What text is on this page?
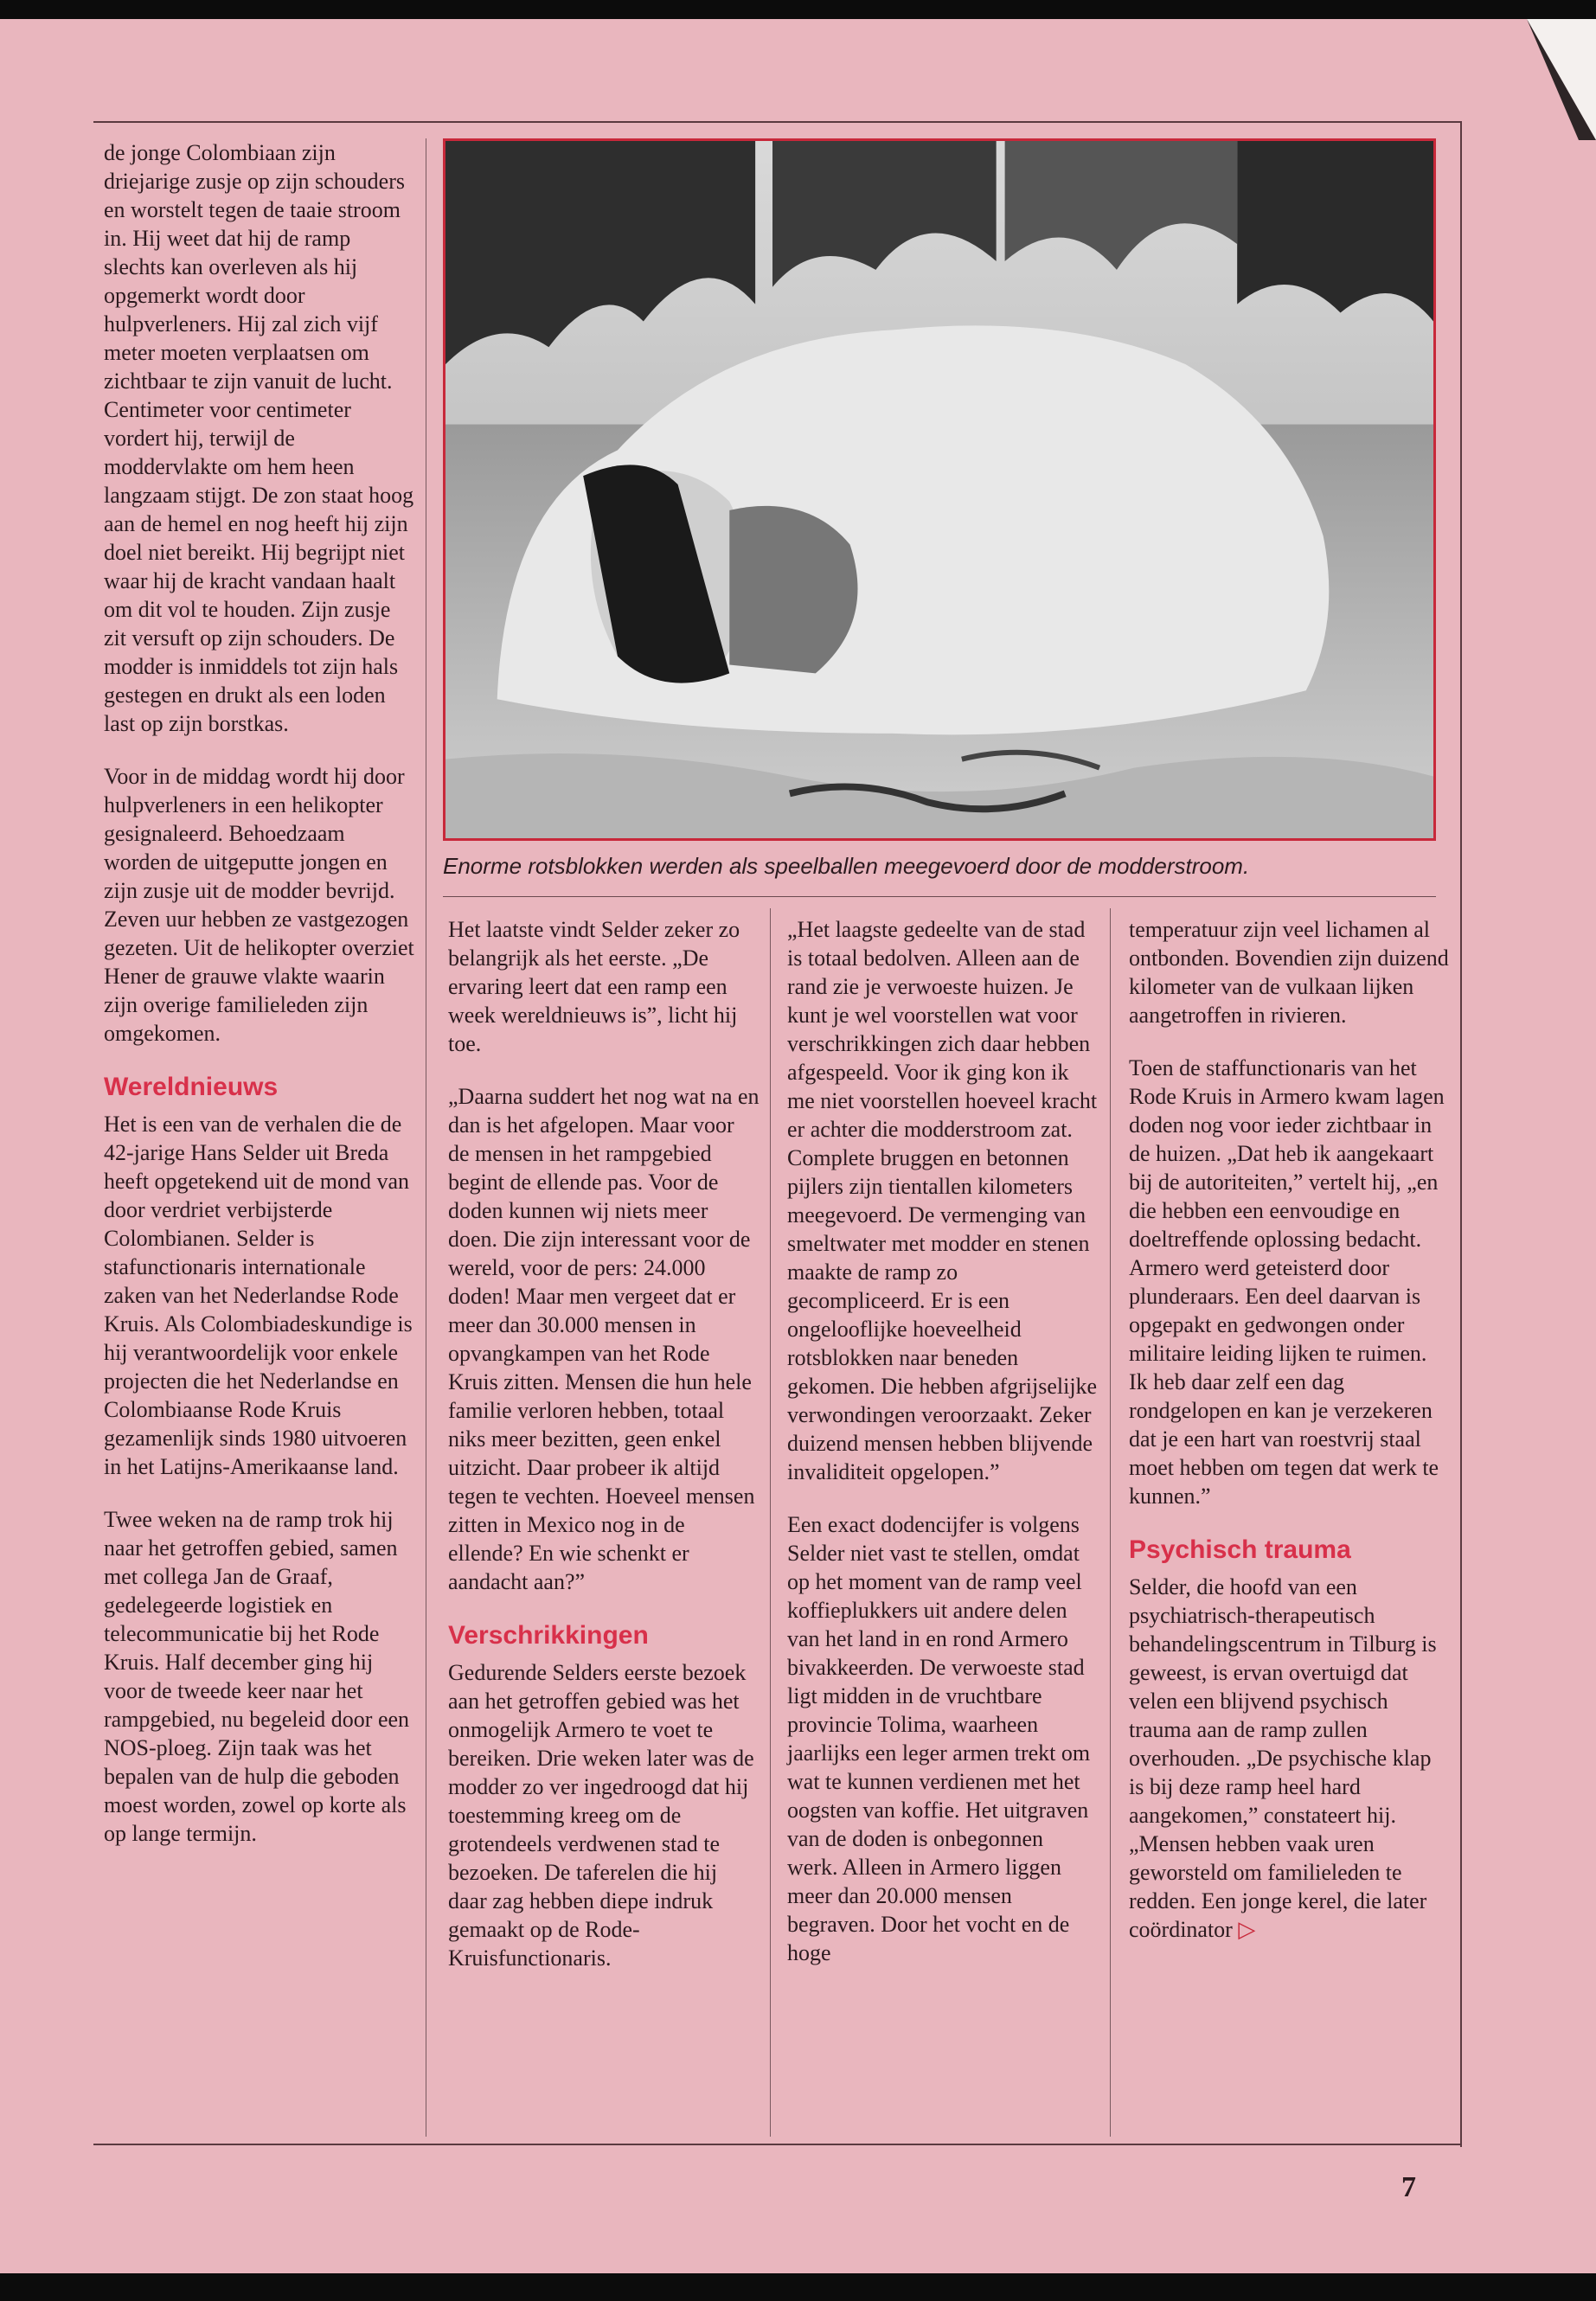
Enorme rotsblokken werden als speelballen meegevoerd door de modderstroom.

de jonge Colombiaan zijn driejarige zusje op zijn schouders en worstelt tegen de taaie stroom in. Hij weet dat hij de ramp slechts kan overleven als hij opgemerkt wordt door hulpverleners. Hij zal zich vijf meter moeten verplaatsen om zichtbaar te zijn vanuit de lucht. Centimeter voor centimeter vordert hij, terwijl de moddervlakte om hem heen langzaam stijgt. De zon staat hoog aan de hemel en nog heeft hij zijn doel niet bereikt. Hij begrijpt niet waar hij de kracht vandaan haalt om dit vol te houden. Zijn zusje zit versuft op zijn schouders. De modder is inmiddels tot zijn hals gestegen en drukt als een loden last op zijn borstkas.

Voor in de middag wordt hij door hulpverleners in een helikopter gesignaleerd. Behoedzaam worden de uitgeputte jongen en zijn zusje uit de modder bevrijd. Zeven uur hebben ze vastgezogen gezeten. Uit de helikopter overziet Hener de grauwe vlakte waarin zijn overige familieleden zijn omgekomen.

Wereldnieuws

Het is een van de verhalen die de 42-jarige Hans Selder uit Breda heeft opgetekend uit de mond van door verdriet verbijsterde Colombianen. Selder is stafunctionaris internationale zaken van het Nederlandse Rode Kruis. Als Colombiadeskundige is hij verantwoordelijk voor enkele projecten die het Nederlandse en Colombiaanse Rode Kruis gezamenlijk sinds 1980 uitvoeren in het Latijns-Amerikaanse land.

Twee weken na de ramp trok hij naar het getroffen gebied, samen met collega Jan de Graaf, gedelegeerde logistiek en telecommunicatie bij het Rode Kruis. Half december ging hij voor de tweede keer naar het rampgebied, nu begeleid door een NOS-ploeg. Zijn taak was het bepalen van de hulp die geboden moest worden, zowel op korte als op lange termijn.

Het laatste vindt Selder zeker zo belangrijk als het eerste. „De ervaring leert dat een ramp een week wereldnieuws is”, licht hij toe.

„Daarna suddert het nog wat na en dan is het afgelopen. Maar voor de mensen in het rampgebied begint de ellende pas. Voor de doden kunnen wij niets meer doen. Die zijn interessant voor de wereld, voor de pers: 24.000 doden! Maar men vergeet dat er meer dan 30.000 mensen in opvangkampen van het Rode Kruis zitten. Mensen die hun hele familie verloren hebben, totaal niks meer bezitten, geen enkel uitzicht. Daar probeer ik altijd tegen te vechten. Hoeveel mensen zitten in Mexico nog in de ellende? En wie schenkt er aandacht aan?”

Verschrikkingen

Gedurende Selders eerste bezoek aan het getroffen gebied was het onmogelijk Armero te voet te bereiken. Drie weken later was de modder zo ver ingedroogd dat hij toestemming kreeg om de grotendeels verdwenen stad te bezoeken. De taferelen die hij daar zag hebben diepe indruk gemaakt op de Rode-Kruisfunctionaris.

„Het laagste gedeelte van de stad is totaal bedolven. Alleen aan de rand zie je verwoeste huizen. Je kunt je wel voorstellen wat voor verschrikkingen zich daar hebben afgespeeld. Voor ik ging kon ik me niet voorstellen hoeveel kracht er achter die modderstroom zat. Complete bruggen en betonnen pijlers zijn tientallen kilometers meegevoerd. De vermenging van smeltwater met modder en stenen maakte de ramp zo gecompliceerd. Er is een ongelooflijke hoeveelheid rotsblokken naar beneden gekomen. Die hebben afgrijselijke verwondingen veroorzaakt. Zeker duizend mensen hebben blijvende invaliditeit opgelopen.”

Een exact dodencijfer is volgens Selder niet vast te stellen, omdat op het moment van de ramp veel koffieplukkers uit andere delen van het land in en rond Armero bivakkeerden. De verwoeste stad ligt midden in de vruchtbare provincie Tolima, waarheen jaarlijks een leger armen trekt om wat te kunnen verdienen met het oogsten van koffie. Het uitgraven van de doden is onbegonnen werk. Alleen in Armero liggen meer dan 20.000 mensen begraven. Door het vocht en de hoge

temperatuur zijn veel lichamen al ontbonden. Bovendien zijn duizend kilometer van de vulkaan lijken aangetroffen in rivieren.

Toen de staffunctionaris van het Rode Kruis in Armero kwam lagen doden nog voor ieder zichtbaar in de huizen. „Dat heb ik aangekaart bij de autoriteiten,” vertelt hij, „en die hebben een eenvoudige en doeltreffende oplossing bedacht. Armero werd geteisterd door plunderaars. Een deel daarvan is opgepakt en gedwongen onder militaire leiding lijken te ruimen. Ik heb daar zelf een dag rondgelopen en kan je verzekeren dat je een hart van roestvrij staal moet hebben om tegen dat werk te kunnen.”

Psychisch trauma

Selder, die hoofd van een psychiatrisch-therapeutisch behandelingscentrum in Tilburg is geweest, is ervan overtuigd dat velen een blijvend psychisch trauma aan de ramp zullen overhouden. „De psychische klap is bij deze ramp heel hard aangekomen,” constateert hij. „Mensen hebben vaak uren geworsteld om familieleden te redden. Een jonge kerel, die later coördinator ▷

7
